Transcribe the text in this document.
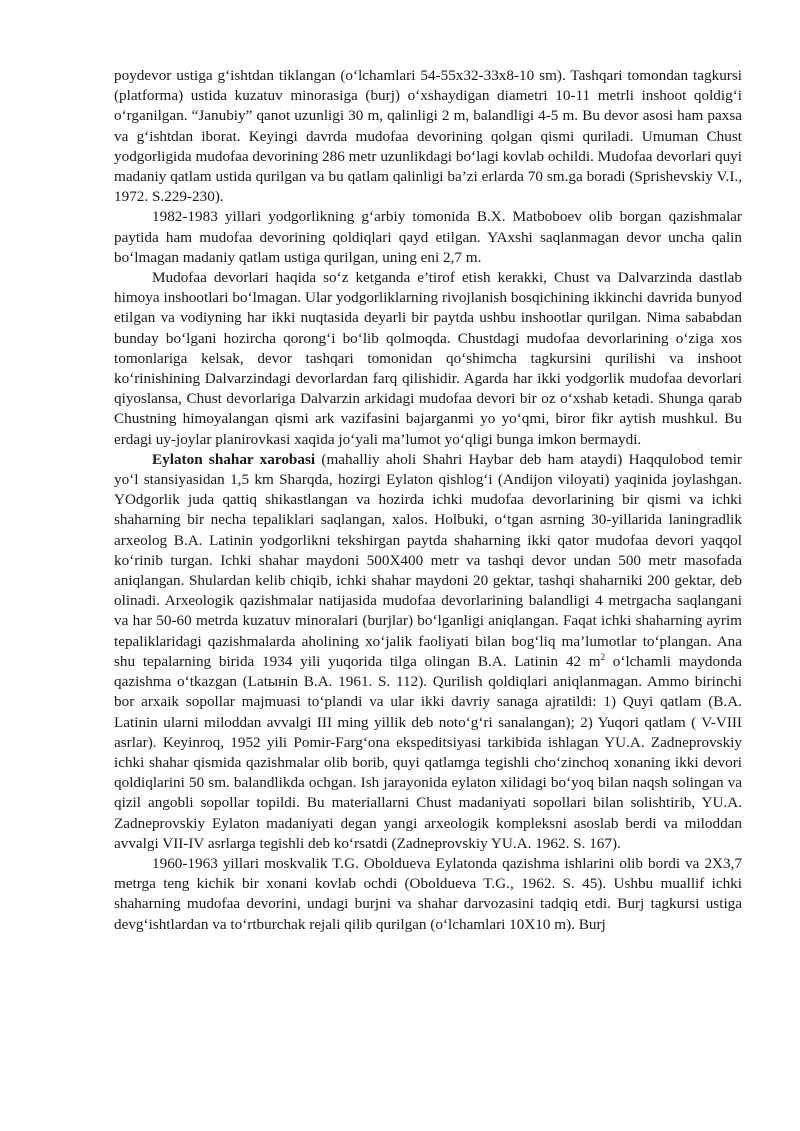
poydevor ustiga g‘ishtdan tiklangan (o‘lchamlari 54-55x32-33x8-10 sm). Tashqari tomondan tagkursi (platforma) ustida kuzatuv minorasiga (burj) o‘xshaydigan diametri 10-11 metrli inshoot qoldig‘i o‘rganilgan. “Janubiy” qanot uzunligi 30 m, qalinligi 2 m, balandligi 4-5 m. Bu devor asosi ham paxsa va g‘ishtdan iborat. Keyingi davrda mudofaa devorining qolgan qismi quriladi. Umuman Chust yodgorligida mudofaa devorining 286 metr uzunlikdagi bo‘lagi kovlab ochildi. Mudofaa devorlari quyi madaniy qatlam ustida qurilgan va bu qatlam qalinligi ba’zi erlarda 70 sm.ga boradi (Sprishevskiy V.I., 1972. S.229-230).

1982-1983 yillari yodgorlikning g‘arbiy tomonida B.X. Matboboev olib borgan qazishmalar paytida ham mudofaa devorining qoldiqlari qayd etilgan. YAxshi saqlanmagan devor uncha qalin bo‘lmagan madaniy qatlam ustiga qurilgan, uning eni 2,7 m.

Mudofaa devorlari haqida so‘z ketganda e’tirof etish kerakki, Chust va Dalvarzinda dastlab himoya inshootlari bo‘lmagan. Ular yodgorliklarning rivojlanish bosqichining ikkinchi davrida bunyod etilgan va vodiyning har ikki nuqtasida deyarli bir paytda ushbu inshootlar qurilgan. Nima sababdan bunday bo‘lgani hozircha qorong‘i bo‘lib qolmoqda. Chustdagi mudofaa devorlarining o‘ziga xos tomonlariga kelsak, devor tashqari tomonidan qo‘shimcha tagkursini qurilishi va inshoot ko‘rinishining Dalvarzindagi devorlardan farq qilishidir. Agarda har ikki yodgorlik mudofaa devorlari qiyoslansa, Chust devorlariga Dalvarzin arkidagi mudofaa devori bir oz o‘xshab ketadi. Shunga qarab Chustning himoyalangan qismi ark vazifasini bajarganmi yo yo‘qmi, biror fikr aytish mushkul. Bu erdagi uy-joylar planirovkasi xaqida jo‘yali ma’lumot yo‘qligi bunga imkon bermaydi.

Eylaton shahar xarobasi (mahalliy aholi Shahri Haybar deb ham ataydi) Haqqulobod temir yo‘l stansiyasidan 1,5 km Sharqda, hozirgi Eylaton qishlog‘i (Andijon viloyati) yaqinida joylashgan. YOdgorlik juda qattiq shikastlangan va hozirda ichki mudofaa devorlarining bir qismi va ichki shaharning bir necha tepaliklari saqlangan, xalos. Holbuki, o‘tgan asrning 30-yillarida laningradlik arxeolog B.A. Latinin yodgorlikni tekshirgan paytda shaharning ikki qator mudofaa devori yaqqol ko‘rinib turgan. Ichki shahar maydoni 500X400 metr va tashqi devor undan 500 metr masofada aniqlangan. Shulardan kelib chiqib, ichki shahar maydoni 20 gektar, tashqi shaharniki 200 gektar, deb olinadi. Arxeologik qazishmalar natijasida mudofaa devorlarining balandligi 4 metrgacha saqlangani va har 50-60 metrda kuzatuv minoralari (burjlar) bo‘lganligi aniqlangan. Faqat ichki shaharning ayrim tepaliklaridagi qazishmalarda aholining xo‘jalik faoliyati bilan bog‘liq ma’lumotlar to‘plangan. Ana shu tepalarning birida 1934 yili yuqorida tilga olingan B.A. Latinin 42 $m^2$ o‘lchamli maydonda qazishma o‘tkazgan (Latынin B.A. 1961. S. 112). Qurilish qoldiqlari aniqlanmagan. Ammo birinchi bor arxaik sopollar majmuasi to‘plandi va ular ikki davriy sanaga ajratildi: 1) Quyi qatlam (B.A. Latinin ularni miloddan avvalgi III ming yillik deb noto‘g‘ri sanalangan); 2) Yuqori qatlam ( V-VIII asrlar). Keyinroq, 1952 yili Pomir-Farg‘ona ekspeditsiyasi tarkibida ishlagan YU.A. Zadneprovskiy ichki shahar qismida qazishmalar olib borib, quyi qatlamga tegishli cho‘zinchoq xonaning ikki devori qoldiqlarini 50 sm. balandlikda ochgan. Ish jarayonida eylaton xilidagi bo‘yoq bilan naqsh solingan va qizil angobli sopollar topildi. Bu materiallarni Chust madaniyati sopollari bilan solishtirib, YU.A. Zadneprovskiy Eylaton madaniyati degan yangi arxeologik kompleksni asoslab berdi va miloddan avvalgi VII-IV asrlarga tegishli deb ko‘rsatdi (Zadneprovskiy YU.A. 1962. S. 167).

1960-1963 yillari moskvalik T.G. Oboldueva Eylatonda qazishma ishlarini olib bordi va 2X3,7 metrga teng kichik bir xonani kovlab ochdi (Oboldueva T.G., 1962. S. 45). Ushbu muallif ichki shaharning mudofaa devorini, undagi burjni va shahar darvozasini tadqiq etdi. Burj tagkursi ustiga devg‘ishtlardan va to‘rtburchak rejali qilib qurilgan (o‘lchamlari 10X10 m). Burj
